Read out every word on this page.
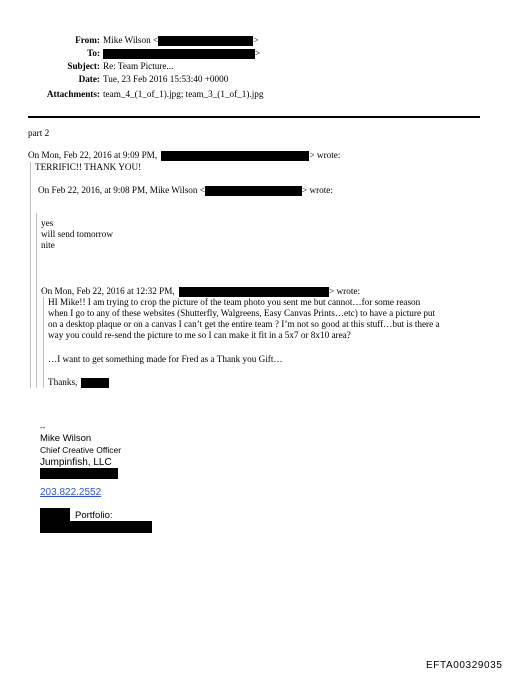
From: Mike Wilson <	>
To:	>
Subject: Re: Team Picture...
Date: Tue, 23 Feb 2016 15:53:40 +0000
Attachments: team_4_(1_of_1).jpg; team_3_(1_of_1).jpg
part 2
On Mon, Feb 22, 2016 at 9:09 PM,	> wrote:
TERRIFIC!! THANK YOU!
On Feb 22, 2016, at 9:08 PM, Mike Wilson <	> wrote:
yes
will send tomorrow
nite
On Mon, Feb 22, 2016 at 12:32 PM,	> wrote:
HI Mike!! I am trying to crop the picture of the team photo you sent me but cannot…for some reason
when I go to any of these websites (Shutterfly, Walgreens, Easy Canvas Prints…etc) to have a picture put
on a desktop plaque or on a canvas I can’t get the entire team ? I’m not so good at this stuff…but is there a
way you could re-send the picture to me so I can make it fit in a 5x7 or 8x10 area?
…I want to get something made for Fred as a Thank you Gift…
Thanks,
--
Mike Wilson
Chief Creative Officer
Jumpinfish, LLC
203.822.2552
Portfolio:
EFTA00329035
